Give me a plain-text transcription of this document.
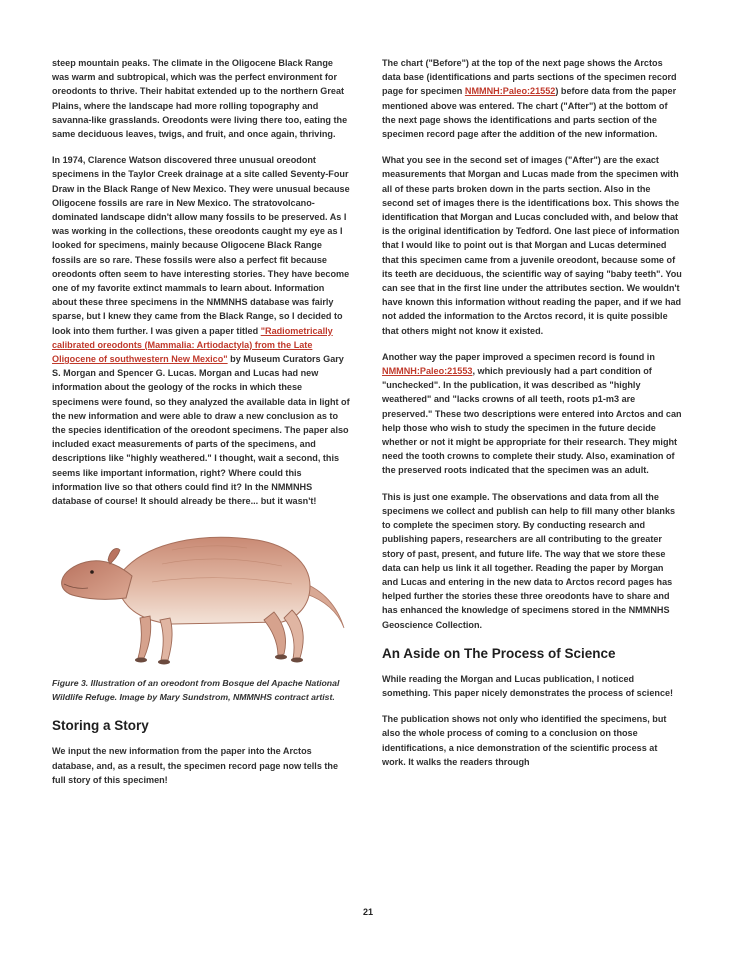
steep mountain peaks. The climate in the Oligocene Black Range was warm and subtropical, which was the perfect environment for oreodonts to thrive. Their habitat extended up to the northern Great Plains, where the landscape had more rolling topography and savanna-like grasslands. Oreodonts were living there too, eating the same deciduous leaves, twigs, and fruit, and once again, thriving.

In 1974, Clarence Watson discovered three unusual oreodont specimens in the Taylor Creek drainage at a site called Seventy-Four Draw in the Black Range of New Mexico. They were unusual because Oligocene fossils are rare in New Mexico. The stratovolcano-dominated landscape didn't allow many fossils to be preserved. As I was working in the collections, these oreodonts caught my eye as I looked for specimens, mainly because Oligocene Black Range fossils are so rare. These fossils were also a perfect fit because oreodonts often seem to have interesting stories. They have become one of my favorite extinct mammals to learn about. Information about these three specimens in the NMMNHS database was fairly sparse, but I knew they came from the Black Range, so I decided to look into them further. I was given a paper titled "Radiometrically calibrated oreodonts (Mammalia: Artiodactyla) from the Late Oligocene of southwestern New Mexico" by Museum Curators Gary S. Morgan and Spencer G. Lucas. Morgan and Lucas had new information about the geology of the rocks in which these specimens were found, so they analyzed the available data in light of the new information and were able to draw a new conclusion as to the species identification of the oreodont specimens. The paper also included exact measurements of parts of the specimens, and descriptions like "highly weathered." I thought, wait a second, this seems like important information, right? Where could this information live so that others could find it? In the NMMNHS database of course! It should already be there... but it wasn't!

Figure 3. Illustration of an oreodont from Bosque del Apache National Wildlife Refuge. Image by Mary Sundstrom, NMMNHS contract artist.

Storing a Story

We input the new information from the paper into the Arctos database, and, as a result, the specimen record page now tells the full story of this specimen!

The chart ("Before") at the top of the next page shows the Arctos data base (identifications and parts sections of the specimen record page for specimen NMMNH:Paleo:21552) before data from the paper mentioned above was entered. The chart ("After") at the bottom of the next page shows the identifications and parts section of the specimen record page after the addition of the new information.

What you see in the second set of images ("After") are the exact measurements that Morgan and Lucas made from the specimen with all of these parts broken down in the parts section. Also in the second set of images there is the identifications box. This shows the identification that Morgan and Lucas concluded with, and below that is the original identification by Tedford. One last piece of information that I would like to point out is that Morgan and Lucas determined that this specimen came from a juvenile oreodont, because some of its teeth are deciduous, the scientific way of saying "baby teeth". You can see that in the first line under the attributes section. We wouldn't have known this information without reading the paper, and if we had not added the information to the Arctos record, it is quite possible that others might not know it existed.

Another way the paper improved a specimen record is found in NMMNH:Paleo:21553, which previously had a part condition of "unchecked". In the publication, it was described as "highly weathered" and "lacks crowns of all teeth, roots p1-m3 are preserved." These two descriptions were entered into Arctos and can help those who wish to study the specimen in the future decide whether or not it might be appropriate for their research. They might need the tooth crowns to complete their study. Also, examination of the preserved roots indicated that the specimen was an adult.

This is just one example. The observations and data from all the specimens we collect and publish can help to fill many other blanks to complete the specimen story. By conducting research and publishing papers, researchers are all contributing to the greater story of past, present, and future life. The way that we store these data can help us link it all together. Reading the paper by Morgan and Lucas and entering in the new data to Arctos record pages has helped further the stories these three oreodonts have to share and has enhanced the knowledge of specimens stored in the NMMNHS Geoscience Collection.

An Aside on The Process of Science

While reading the Morgan and Lucas publication, I noticed something. This paper nicely demonstrates the process of science!

The publication shows not only who identified the specimens, but also the whole process of coming to a conclusion on those identifications, a nice demonstration of the scientific process at work. It walks the readers through

21
